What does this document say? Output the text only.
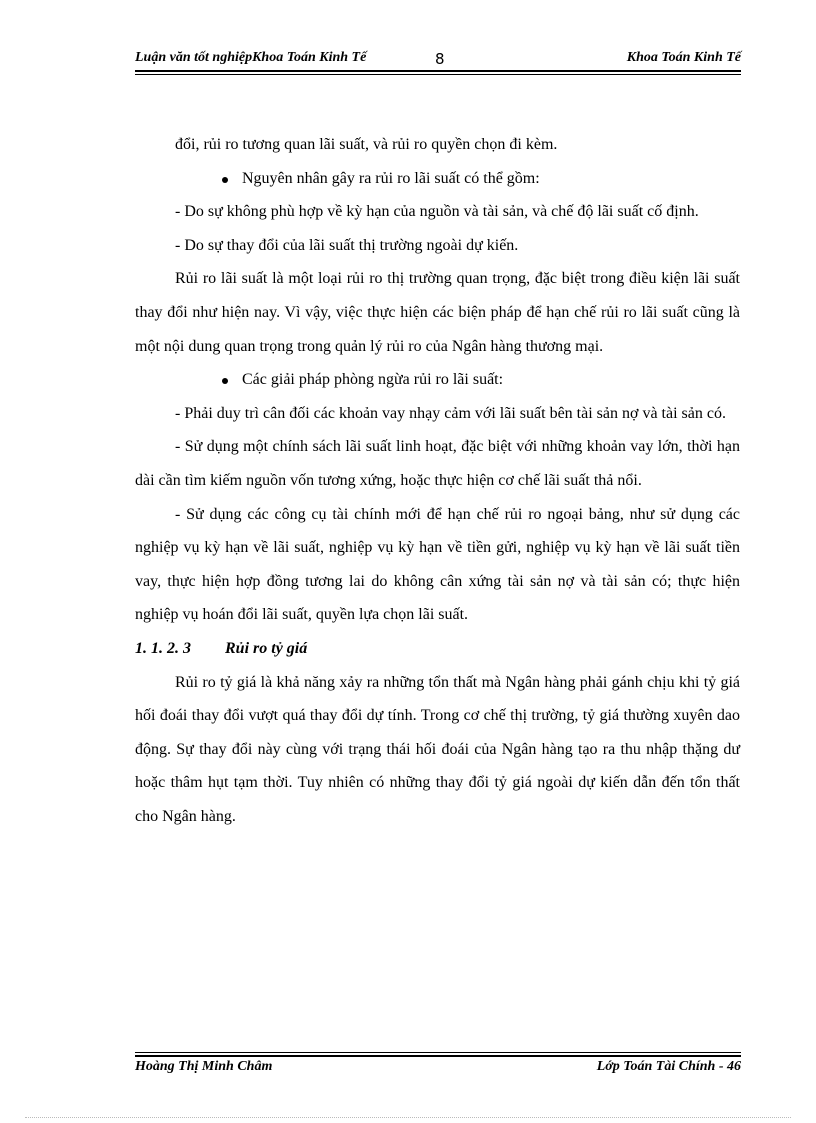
Luận văn tốt nghiệpKhoa Toán Kinh Tế	8	Khoa Toán Kinh Tế

đổi, rủi ro tương quan lãi suất, và rủi ro quyền chọn đi kèm.

Nguyên nhân gây ra rủi ro lãi suất có thể gồm:

- Do sự không phù hợp về kỳ hạn của nguồn và tài sản, và chế độ lãi suất cố định.

- Do sự thay đổi của lãi suất thị trường ngoài dự kiến.

Rủi ro lãi suất là một loại rủi ro thị trường quan trọng, đặc biệt trong điều kiện lãi suất thay đổi như hiện nay. Vì vậy, việc thực hiện các biện pháp để hạn chế rủi ro lãi suất cũng là một nội dung quan trọng trong quản lý rủi ro của Ngân hàng thương mại.

Các giải pháp phòng ngừa rủi ro lãi suất:

- Phải duy trì cân đối các khoản vay nhạy cảm với lãi suất bên tài sản nợ và tài sản có.

- Sử dụng một chính sách lãi suất linh hoạt, đặc biệt với những khoản vay lớn, thời hạn dài cần tìm kiếm nguồn vốn tương xứng, hoặc thực hiện cơ chế lãi suất thả nổi.

- Sử dụng các công cụ tài chính mới để hạn chế rủi ro ngoại bảng, như sử dụng các nghiệp vụ kỳ hạn về lãi suất, nghiệp vụ kỳ hạn về tiền gửi, nghiệp vụ kỳ hạn về lãi suất tiền vay, thực hiện hợp đồng tương lai do không cân xứng tài sản nợ và tài sản có; thực hiện nghiệp vụ hoán đổi lãi suất, quyền lựa chọn lãi suất.

1. 1. 2. 3 Rủi ro tỷ giá

Rủi ro tỷ giá là khả năng xảy ra những tổn thất mà Ngân hàng phải gánh chịu khi tỷ giá hối đoái thay đổi vượt quá thay đổi dự tính. Trong cơ chế thị trường, tỷ giá thường xuyên dao động. Sự thay đổi này cùng với trạng thái hối đoái của Ngân hàng tạo ra thu nhập thặng dư hoặc thâm hụt tạm thời. Tuy nhiên có những thay đổi tỷ giá ngoài dự kiến dẫn đến tổn thất cho Ngân hàng.

Hoàng Thị Minh Châm	Lớp Toán Tài Chính - 46
